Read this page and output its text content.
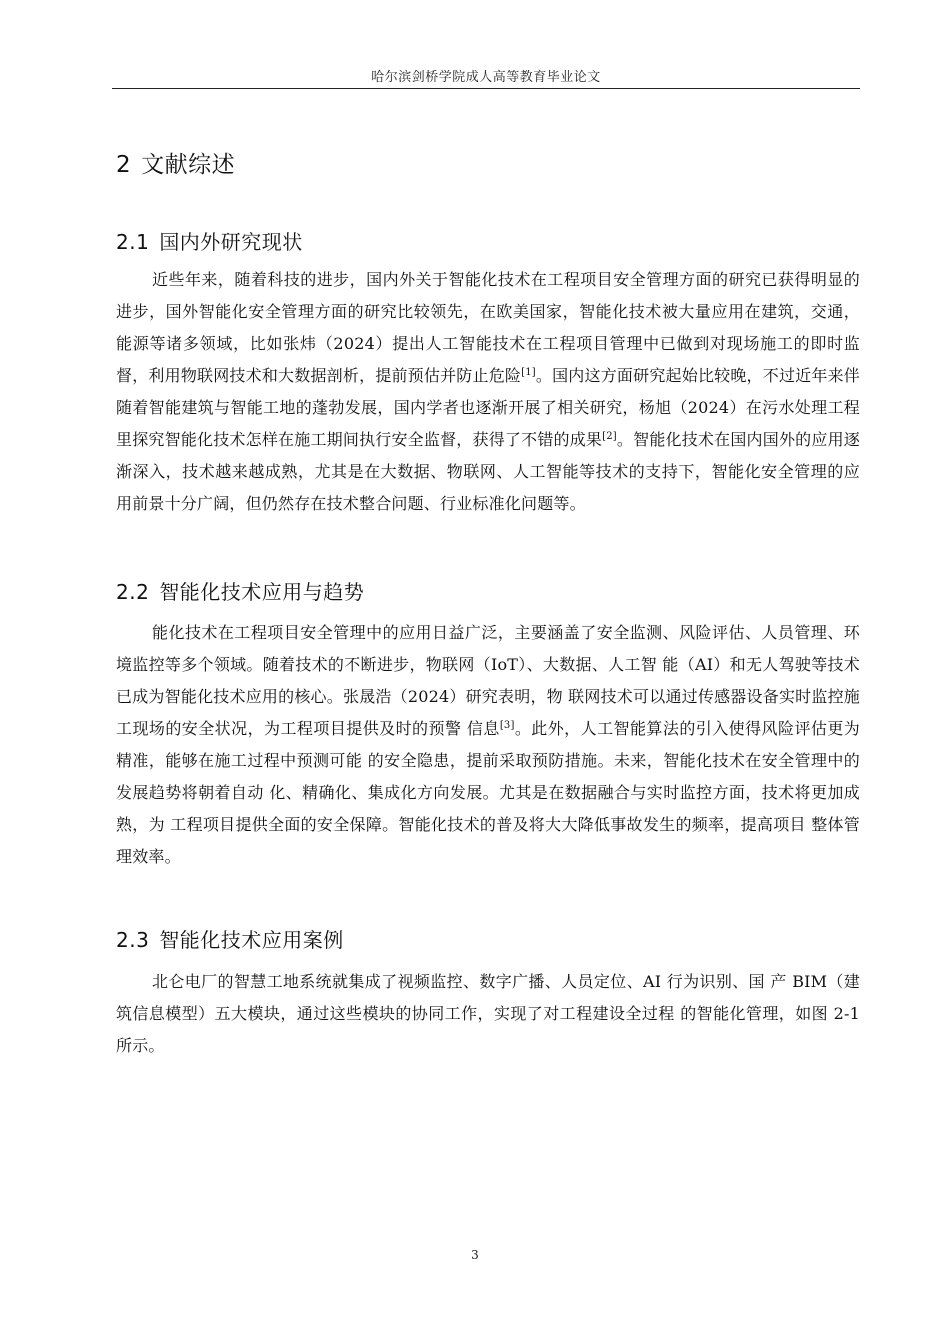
哈尔滨剑桥学院成人高等教育毕业论文
2 文献综述
2.1 国内外研究现状

近些年来，随着科技的进步，国内外关于智能化技术在工程项目安全管理方面的研究已获得明显的进步，国外智能化安全管理方面的研究比较领先，在欧美国家，智能化技术被大量应用在建筑，交通，能源等诸多领域，比如张炜（2024）提出人工智能技术在工程项目管理中已做到对现场施工的即时监督，利用物联网技术和大数据剖析，提前预估并防止危险[1]。国内这方面研究起始比较晚，不过近年来伴随着智能建筑与智能工地的蓬勃发展，国内学者也逐渐开展了相关研究，杨旭（2024）在污水处理工程里探究智能化技术怎样在施工期间执行安全监督，获得了不错的成果[2]。智能化技术在国内国外的应用逐渐深入，技术越来越成熟，尤其是在大数据、物联网、人工智能等技术的支持下，智能化安全管理的应用前景十分广阔，但仍然存在技术整合问题、行业标准化问题等。

2.2 智能化技术应用与趋势

能化技术在工程项目安全管理中的应用日益广泛，主要涵盖了安全监测、风险评估、人员管理、环境监控等多个领域。随着技术的不断进步，物联网（IoT）、大数据、人工智 能（AI）和无人驾驶等技术已成为智能化技术应用的核心。张晟浩（2024）研究表明，物 联网技术可以通过传感器设备实时监控施工现场的安全状况，为工程项目提供及时的预警 信息[3]。此外，人工智能算法的引入使得风险评估更为精准，能够在施工过程中预测可能 的安全隐患，提前采取预防措施。未来，智能化技术在安全管理中的发展趋势将朝着自动 化、精确化、集成化方向发展。尤其是在数据融合与实时监控方面，技术将更加成熟，为 工程项目提供全面的安全保障。智能化技术的普及将大大降低事故发生的频率，提高项目 整体管理效率。

2.3 智能化技术应用案例

北仑电厂的智慧工地系统就集成了视频监控、数字广播、人员定位、AI 行为识别、国 产 BIM（建筑信息模型）五大模块，通过这些模块的协同工作，实现了对工程建设全过程 的智能化管理，如图 2-1 所示。

3
